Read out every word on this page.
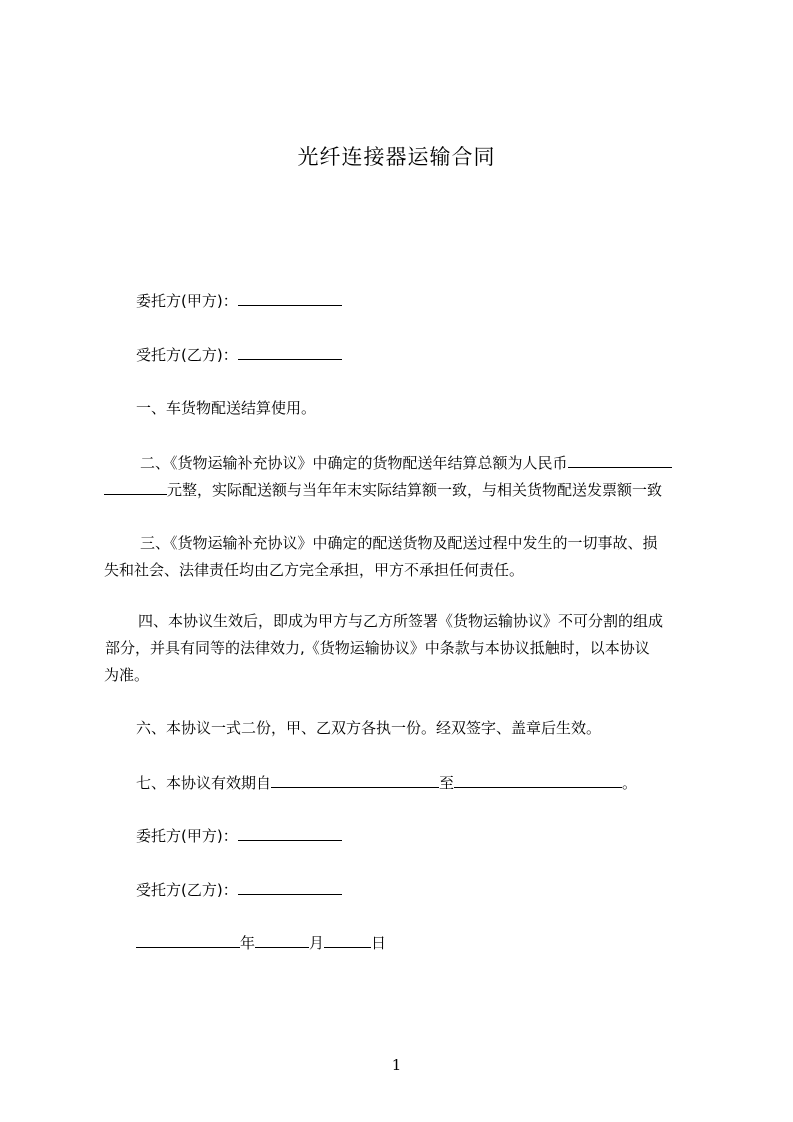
光纤连接器运输合同
委托方(甲方)：
受托方(乙方)：
一、车货物配送结算使用。
二、《货物运输补充协议》中确定的货物配送年结算总额为人民币
元整，实际配送额与当年年末实际结算额一致，与相关货物配送发票额一致
三、《货物运输补充协议》中确定的配送货物及配送过程中发生的一切事故、损
失和社会、法律责任均由乙方完全承担，甲方不承担任何责任。
四、本协议生效后，即成为甲方与乙方所签署《货物运输协议》不可分割的组成
部分，并具有同等的法律效力,《货物运输协议》中条款与本协议抵触时，以本协议
为准。
六、本协议一式二份，甲、乙双方各执一份。经双签字、盖章后生效。
七、本协议有效期自	至	。
委托方(甲方)：
受托方(乙方)：
年	月	日
1
